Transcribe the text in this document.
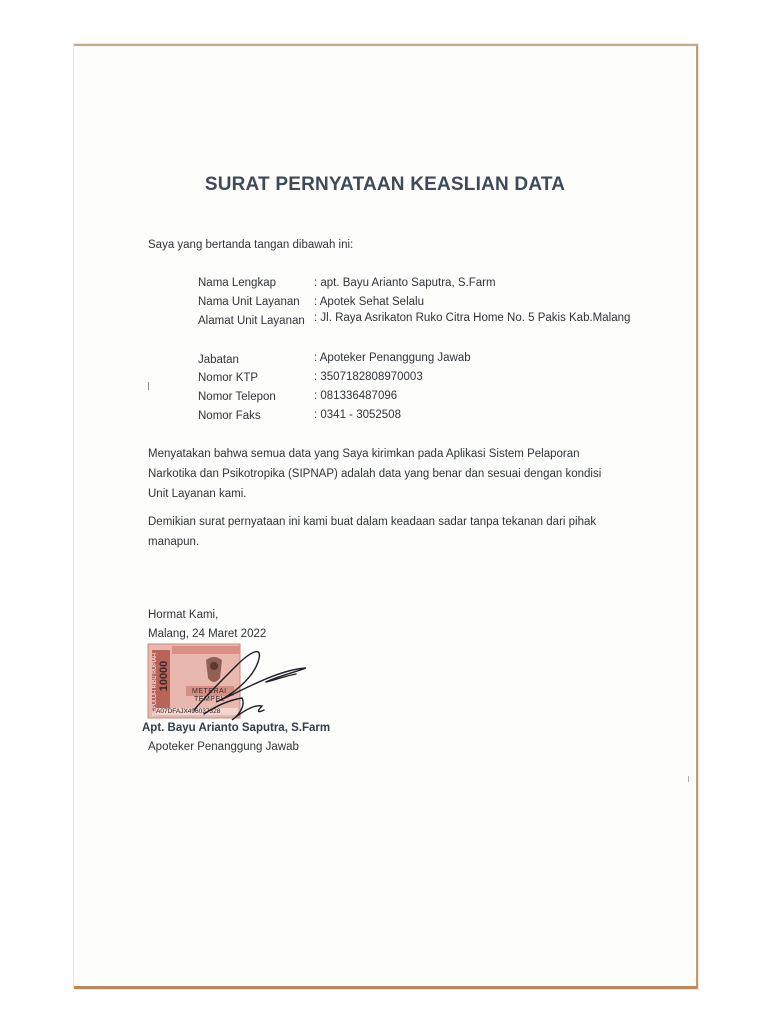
SURAT PERNYATAAN KEASLIAN DATA

Saya yang bertanda tangan dibawah ini:

Nama Lengkap	: apt. Bayu Arianto Saputra, S.Farm

Nama Unit Layanan : Apotek Sehat Selalu

Alamat Unit Layanan : Jl. Raya Asrikaton Ruko Citra Home No. 5 Pakis Kab.Malang

Jabatan	: Apoteker Penanggung Jawab

Nomor KTP	: 3507182808970003

Nomor Telepon	: 081336487096

Nomor Faks	: 0341 - 3052508

Menyatakan bahwa semua data yang Saya kirimkan pada Aplikasi Sistem Pelaporan Narkotika dan Psikotropika (SIPNAP) adalah data yang benar dan sesuai dengan kondisi Unit Layanan kami.

Demikian surat pernyataan ini kami buat dalam keadaan sadar tanpa tekanan dari pihak manapun.

Hormat Kami,

Malang, 24 Maret 2022

SEPULUH RIBU RUPIAH 10000

METERAI

TEMPEL

A07DFAJX496037328

Apt. Bayu Arianto Saputra, S.Farm

Apoteker Penanggung Jawab
